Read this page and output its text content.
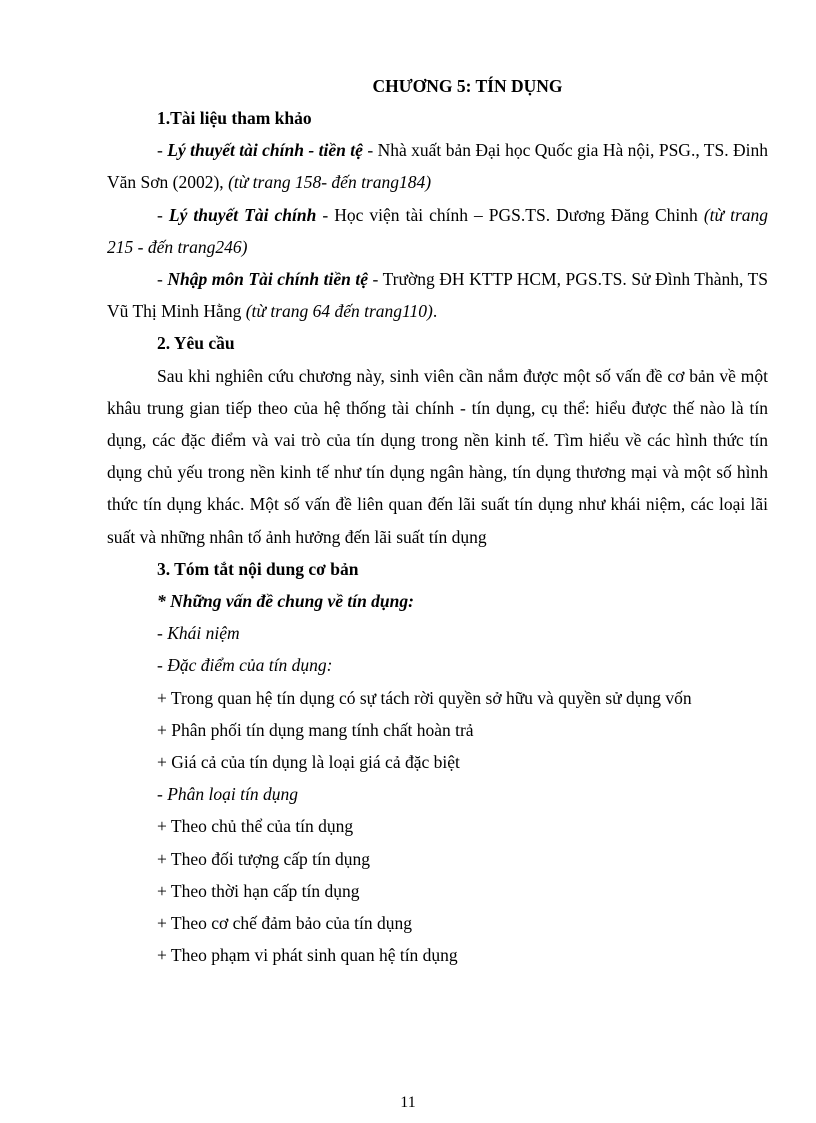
CHƯƠNG 5: TÍN DỤNG

1.Tài liệu tham khảo

- Lý thuyết tài chính - tiền tệ - Nhà xuất bản Đại học Quốc gia Hà nội, PSG., TS. Đinh Văn Sơn (2002), (từ trang 158- đến trang184)

- Lý thuyết Tài chính - Học viện tài chính – PGS.TS. Dương Đăng Chinh (từ trang 215 - đến trang246)

- Nhập môn Tài chính tiền tệ - Trường ĐH KTTP HCM, PGS.TS. Sử Đình Thành, TS Vũ Thị Minh Hằng (từ trang 64 đến trang110).

2. Yêu cầu

Sau khi nghiên cứu chương này, sinh viên cần nắm được một số vấn đề cơ bản về một khâu trung gian tiếp theo của hệ thống tài chính - tín dụng, cụ thể: hiểu được thế nào là tín dụng, các đặc điểm và vai trò của tín dụng trong nền kinh tế. Tìm hiểu về các hình thức tín dụng chủ yếu trong nền kinh tế như tín dụng ngân hàng, tín dụng thương mại và một số hình thức tín dụng khác. Một số vấn đề liên quan đến lãi suất tín dụng như khái niệm, các loại lãi suất và những nhân tố ảnh hưởng đến lãi suất tín dụng

3. Tóm tắt nội dung cơ bản

* Những vấn đề chung về tín dụng:

- Khái niệm

- Đặc điểm của tín dụng:

+ Trong quan hệ tín dụng có sự tách rời quyền sở hữu và quyền sử dụng vốn

+ Phân phối tín dụng mang tính chất hoàn trả

+ Giá cả của tín dụng là loại giá cả đặc biệt

- Phân loại tín dụng

+ Theo chủ thể của tín dụng

+ Theo đối tượng cấp tín dụng

+ Theo thời hạn cấp tín dụng

+ Theo cơ chế đảm bảo của tín dụng

+ Theo phạm vi phát sinh quan hệ tín dụng

11
